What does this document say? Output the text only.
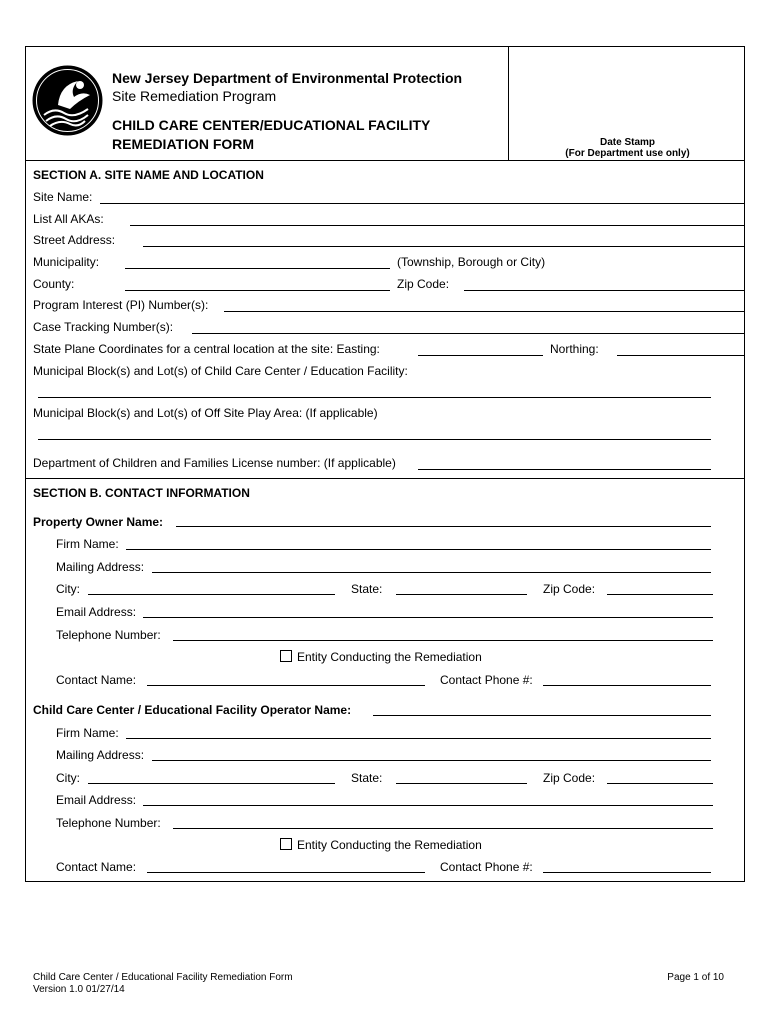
New Jersey Department of Environmental Protection
Site Remediation Program
CHILD CARE CENTER/EDUCATIONAL FACILITY
REMEDIATION FORM	Date Stamp
(For Department use only)
SECTION A. SITE NAME AND LOCATION
Site Name:
List All AKAs:
Street Address:
Municipality:	(Township, Borough or City)
County:	Zip Code:
Program Interest (PI) Number(s):
Case Tracking Number(s):
State Plane Coordinates for a central location at the site: Easting:	Northing:
Municipal Block(s) and Lot(s) of Child Care Center / Education Facility:
Municipal Block(s) and Lot(s) of Off Site Play Area: (If applicable)
Department of Children and Families License number: (If applicable)
SECTION B. CONTACT INFORMATION
Property Owner Name:
Firm Name:
Mailing Address:
City:	State:	Zip Code:
Email Address:
Telephone Number:
Entity Conducting the Remediation
Contact Name:	Contact Phone #:
Child Care Center / Educational Facility Operator Name:
Firm Name:
Mailing Address:
City:	State:	Zip Code:
Email Address:
Telephone Number:
Entity Conducting the Remediation
Contact Name:	Contact Phone #:
Child Care Center / Educational Facility Remediation Form
Version 1.0 01/27/14
Page 1 of 10
